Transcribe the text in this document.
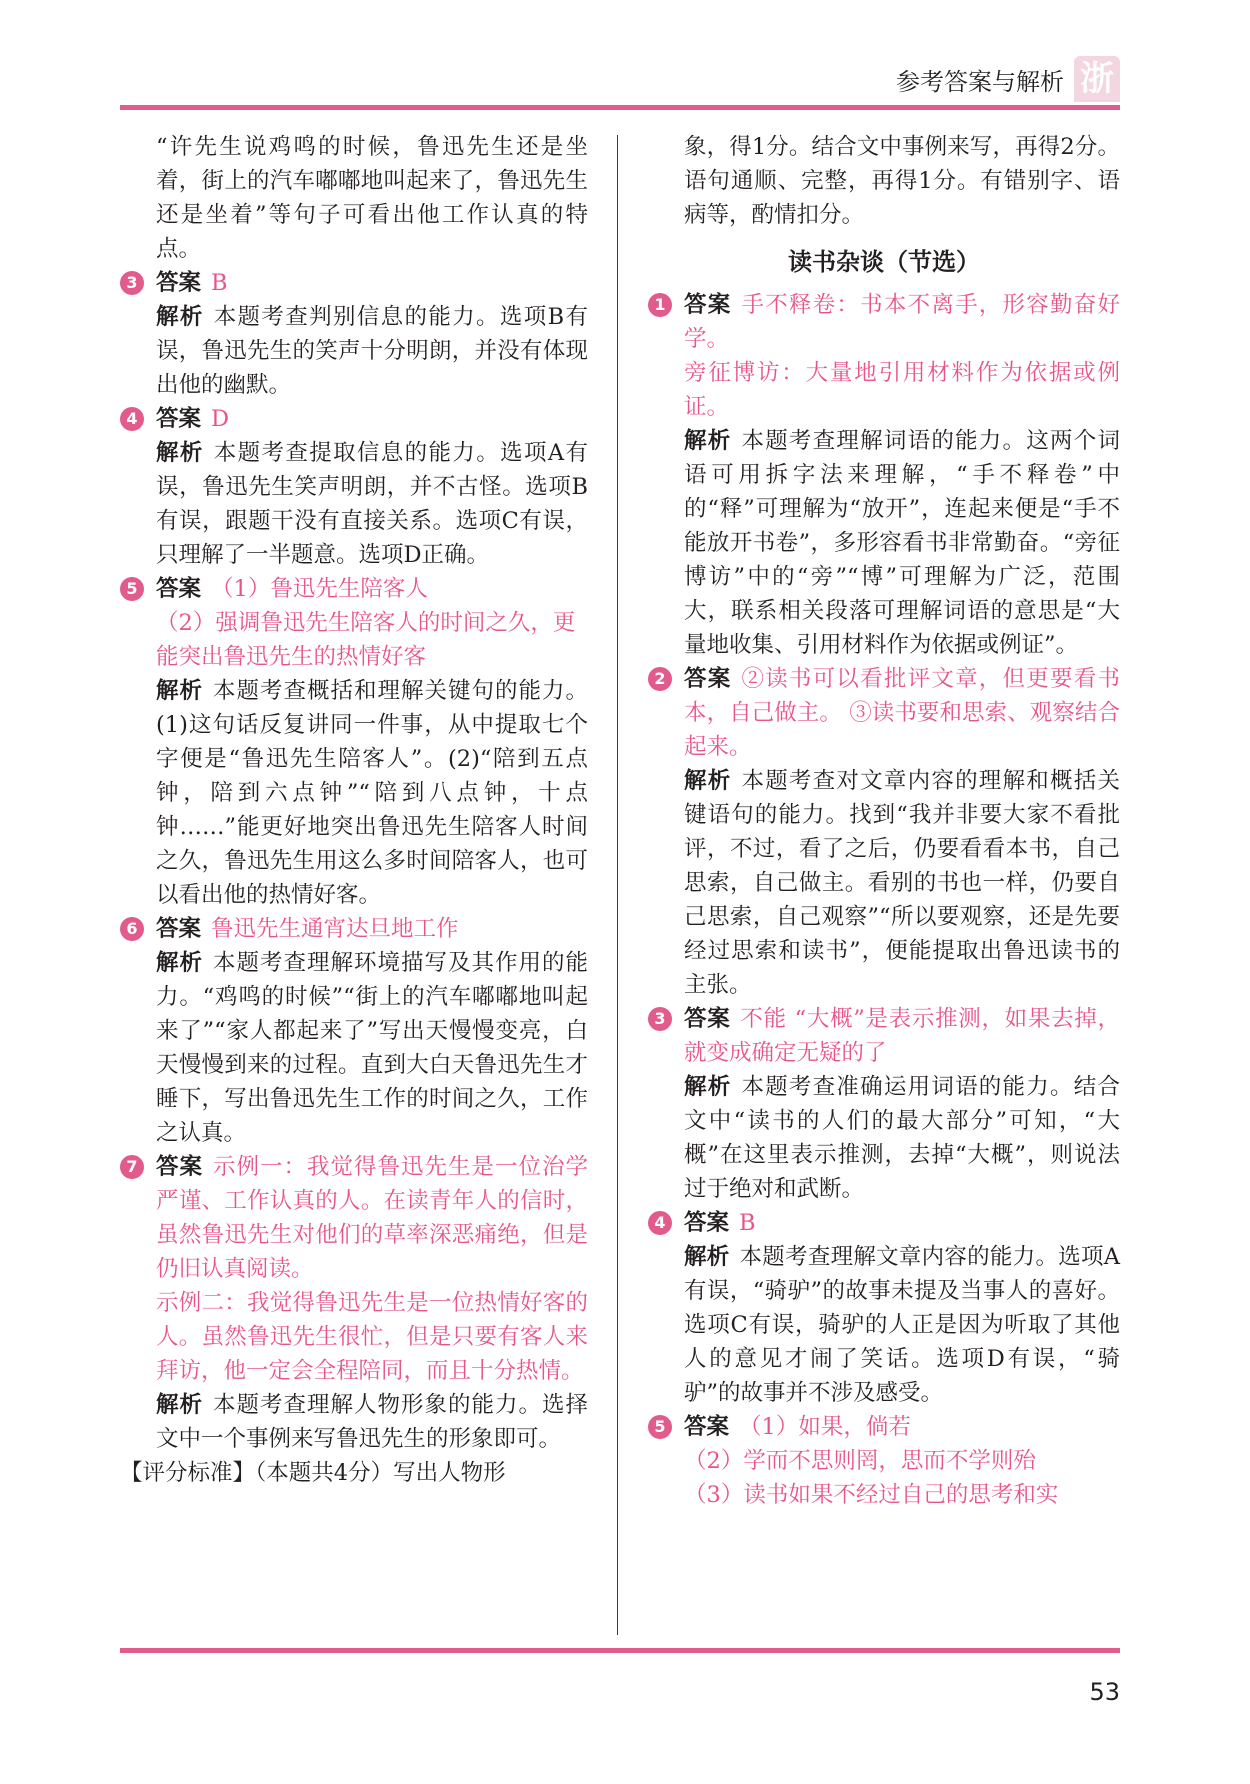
参考答案与解析 浙

“许先生说鸡鸣的时候，鲁迅先生还是坐着，街上的汽车嘟嘟地叫起来了，鲁迅先生还是坐着”等句子可看出他工作认真的特点。

3 答案 B

解析 本题考查判别信息的能力。选项B有误，鲁迅先生的笑声十分明朗，并没有体现出他的幽默。

4 答案 D

解析 本题考查提取信息的能力。选项A有误，鲁迅先生笑声明朗，并不古怪。选项B有误，跟题干没有直接关系。选项C有误，只理解了一半题意。选项D正确。

5 答案 （1）鲁迅先生陪客人

（2）强调鲁迅先生陪客人的时间之久，更能突出鲁迅先生的热情好客

解析 本题考查概括和理解关键句的能力。(1)这句话反复讲同一件事，从中提取七个字便是“鲁迅先生陪客人”。(2)“陪到五点钟，陪到六点钟”“陪到八点钟，十点钟……”能更好地突出鲁迅先生陪客人时间之久，鲁迅先生用这么多时间陪客人，也可以看出他的热情好客。

6 答案 鲁迅先生通宵达旦地工作

解析 本题考查理解环境描写及其作用的能力。“鸡鸣的时候”“街上的汽车嘟嘟地叫起来了”“家人都起来了”写出天慢慢变亮，白天慢慢到来的过程。直到大白天鲁迅先生才睡下，写出鲁迅先生工作的时间之久，工作之认真。

7 答案 示例一：我觉得鲁迅先生是一位治学严谨、工作认真的人。在读青年人的信时，虽然鲁迅先生对他们的草率深恶痛绝，但是仍旧认真阅读。

示例二：我觉得鲁迅先生是一位热情好客的人。虽然鲁迅先生很忙，但是只要有客人来拜访，他一定会全程陪同，而且十分热情。

解析 本题考查理解人物形象的能力。选择文中一个事例来写鲁迅先生的形象即可。

【评分标准】（本题共4分）写出人物形

象，得1分。结合文中事例来写，再得2分。语句通顺、完整，再得1分。有错别字、语病等，酌情扣分。

读书杂谈（节选）
1 答案 手不释卷：书本不离手，形容勤奋好学。

旁征博访：大量地引用材料作为依据或例证。

解析 本题考查理解词语的能力。这两个词语可用拆字法来理解，“手不释卷”中的“释”可理解为“放开”，连起来便是“手不能放开书卷”，多形容看书非常勤奋。“旁征博访”中的“旁”“博”可理解为广泛，范围大，联系相关段落可理解词语的意思是“大量地收集、引用材料作为依据或例证”。

2 答案 ②读书可以看批评文章，但更要看书本，自己做主。 ③读书要和思索、观察结合起来。

解析 本题考查对文章内容的理解和概括关键语句的能力。找到“我并非要大家不看批评，不过，看了之后，仍要看看本书，自己思索，自己做主。看别的书也一样，仍要自己思索，自己观察”“所以要观察，还是先要经过思索和读书”，便能提取出鲁迅读书的主张。

3 答案 不能 “大概”是表示推测，如果去掉，就变成确定无疑的了

解析 本题考查准确运用词语的能力。结合文中“读书的人们的最大部分”可知，“大概”在这里表示推测，去掉“大概”，则说法过于绝对和武断。

4 答案 B

解析 本题考查理解文章内容的能力。选项A有误，“骑驴”的故事未提及当事人的喜好。选项C有误，骑驴的人正是因为听取了其他人的意见才闹了笑话。选项D有误，“骑驴”的故事并不涉及感受。

5 答案 （1）如果，倘若

（2）学而不思则罔，思而不学则殆

（3）读书如果不经过自己的思考和实

53
